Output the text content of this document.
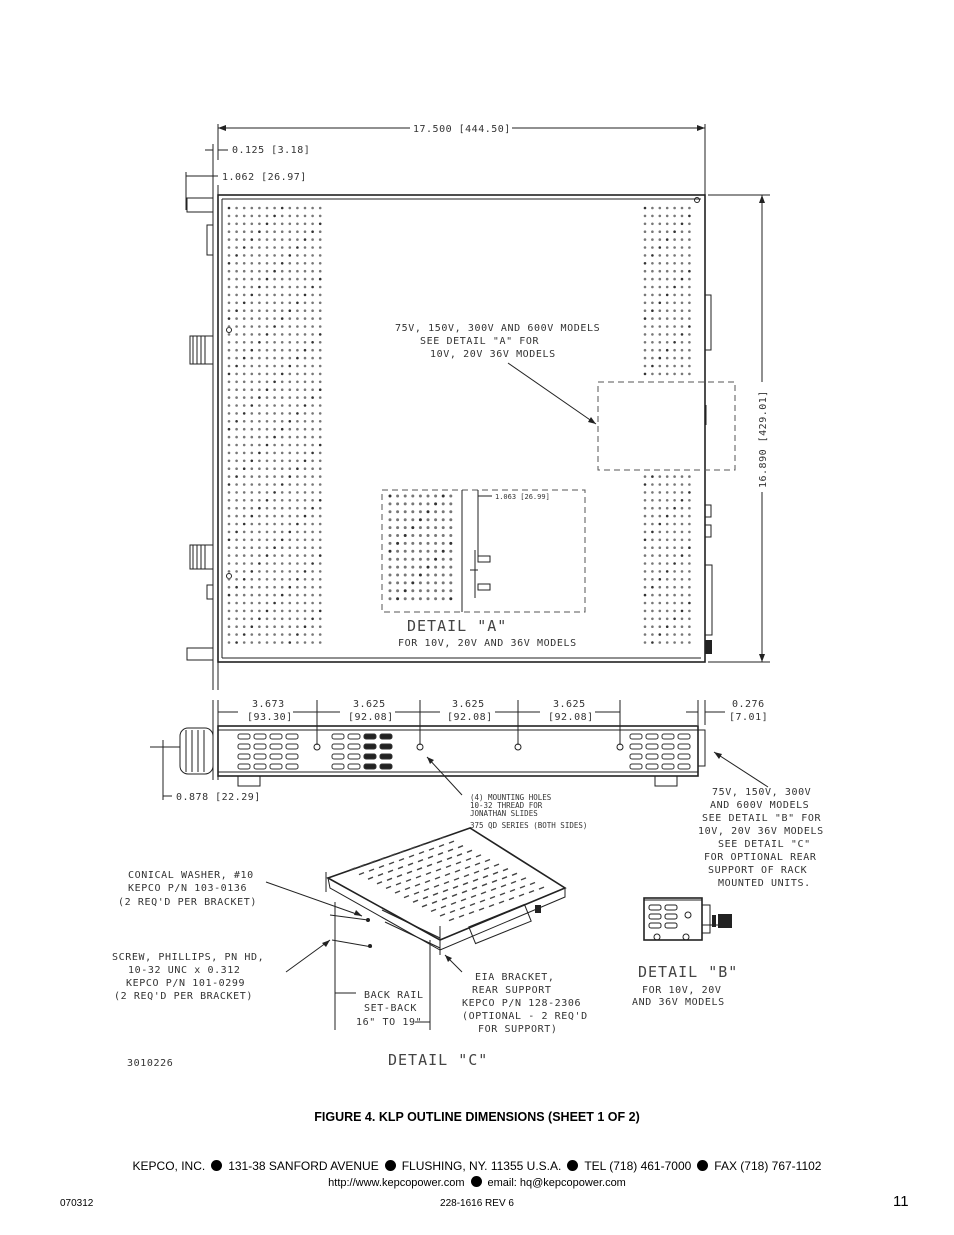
17.500 [444.50]
0.125 [3.18]
1.062 [26.97]
16.890 [429.01]
75V, 150V, 300V AND 600V MODELS
SEE DETAIL "A" FOR
10V, 20V 36V MODELS
1.063 [26.99]
DETAIL "A"
FOR 10V, 20V AND 36V MODELS
3.673
[93.30]
3.625
[92.08]
3.625
[92.08]
3.625
[92.08]
0.276
[7.01]
0.878 [22.29]	(4) MOUNTING HOLES
10-32 THREAD FOR
JONATHAN SLIDES
375 QD SERIES (BOTH SIDES)
75V, 150V, 300V
AND 600V MODELS
SEE DETAIL "B" FOR
10V, 20V 36V MODELS
SEE DETAIL "C"
FOR OPTIONAL REAR
SUPPORT OF RACK
MOUNTED UNITS.
CONICAL WASHER, #10
KEPCO P/N 103-0136
(2 REQ'D PER BRACKET)
SCREW, PHILLIPS, PN HD,
10-32 UNC x 0.312
KEPCO P/N 101-0299
(2 REQ'D PER BRACKET)	BACK RAIL
SET-BACK
16" TO 19"
EIA BRACKET,
REAR SUPPORT
KEPCO P/N 128-2306
(OPTIONAL - 2 REQ'D
FOR SUPPORT)
DETAIL "C"
3010226
DETAIL "B"
FOR 10V, 20V
AND 36V MODELS
FIGURE 4. KLP OUTLINE DIMENSIONS (SHEET 1 OF 2)
KEPCO, INC. 131-38 SANFORD AVENUE FLUSHING, NY. 11355 U.S.A. TEL (718) 461-7000 FAX (718) 767-1102
http://www.kepcopower.com email: hq@kepcopower.com
070312	228-1616 REV 6	11
